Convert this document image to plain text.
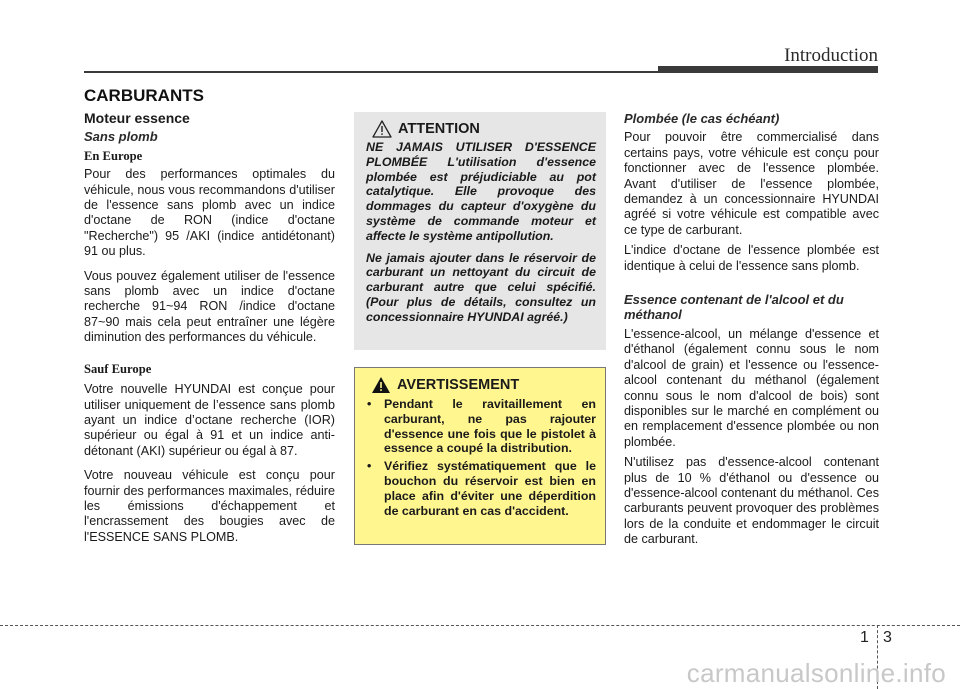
Introduction
CARBURANTS
Moteur essence
Sans plomb
En Europe

Pour des performances optimales du véhicule, nous vous recommandons d'utiliser de l'essence sans plomb avec un indice d'octane de RON (indice d'octane "Recherche") 95 /AKI (indice antidétonant) 91 ou plus.

Vous pouvez également utiliser de l'essence sans plomb avec un indice d'octane recherche 91~94 RON /indice d'octane 87~90 mais cela peut entraîner une légère diminution des performances du véhicule.

Sauf Europe

Votre nouvelle HYUNDAI est conçue pour utiliser uniquement de l’essence sans plomb ayant un indice d’octane recherche (IOR) supérieur ou égal à 91 et un indice anti-détonant (AKI) supérieur ou égal à 87.

Votre nouveau véhicule est conçu pour fournir des performances maximales, réduire les émissions d'échappement et l'encrassement des bougies avec de l'ESSENCE SANS PLOMB.

ATTENTION

NE JAMAIS UTILISER D'ESSENCE PLOMBÉE L'utilisation d'essence plombée est préjudiciable au pot catalytique. Elle provoque des dommages du capteur d'oxygène du système de commande moteur et affecte le système antipollution.

Ne jamais ajouter dans le réservoir de carburant un nettoyant du circuit de carburant autre que celui spécifié. (Pour plus de détails, consultez un concessionnaire HYUNDAI agréé.)

AVERTISSEMENT
• Pendant le ravitaillement en carburant, ne pas rajouter d'essence une fois que le pistolet à essence a coupé la distribution.
• Vérifiez systématiquement que le bouchon du réservoir est bien en place afin d'éviter une déperdition de carburant en cas d'accident.
Plombée (le cas échéant)

Pour pouvoir être commercialisé dans certains pays, votre véhicule est conçu pour fonctionner avec de l'essence plombée. Avant d'utiliser de l'essence plombée, demandez à un concessionnaire HYUNDAI agréé si votre véhicule est compatible avec ce type de carburant.

L'indice d'octane de l'essence plombée est identique à celui de l'essence sans plomb.

Essence contenant de l'alcool et du méthanol

L'essence-alcool, un mélange d'essence et d'éthanol (également connu sous le nom d'alcool de grain) et l'essence ou l'essence-alcool contenant du méthanol (également connu sous le nom d'alcool de bois) sont disponibles sur le marché en complément ou en remplacement d'essence plombée ou non plombée.

N'utilisez pas d'essence-alcool contenant plus de 10 % d'éthanol ou d'essence ou d'essence-alcool contenant du méthanol. Ces carburants peuvent provoquer des problèmes lors de la conduite et endommager le circuit de carburant.

1 3
carmanualsonline.info
